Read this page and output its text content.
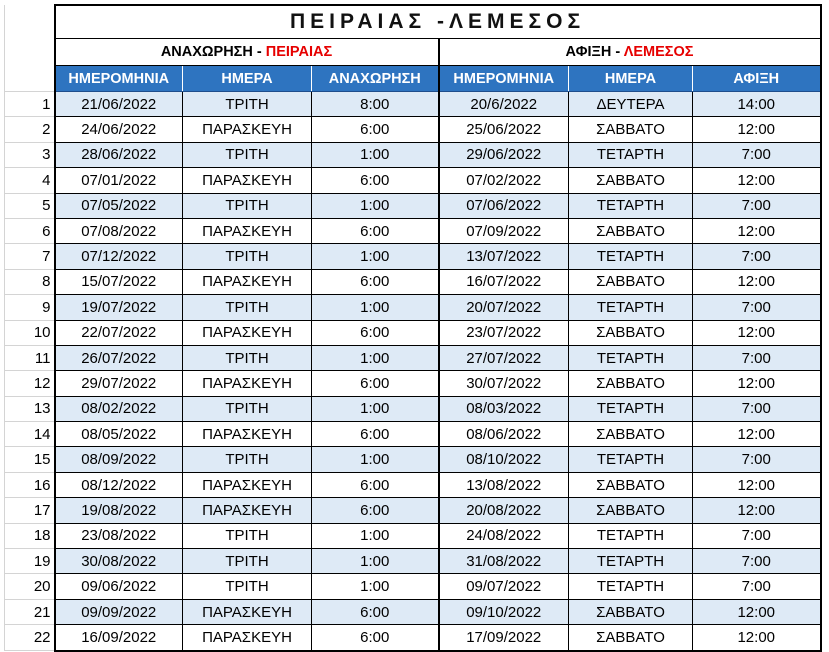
	ΠΕΙΡΑΙΑΣ -ΛΕΜΕΣΟΣ					
	ΑΝΑΧΩΡΗΣΗ - ΠΕΙΡΑΙΑΣ			ΑΦΙΞΗ - ΛΕΜΕΣΟΣ		
	ΗΜΕΡΟΜΗΝΙΑ	ΗΜΕΡΑ	ΑΝΑΧΩΡΗΣΗ	ΗΜΕΡΟΜΗΝΙΑ	ΗΜΕΡΑ	ΑΦΙΞΗ
1	21/06/2022	ΤΡΙΤΗ	8:00	20/6/2022	ΔΕΥΤΕΡΑ	14:00
2	24/06/2022	ΠΑΡΑΣΚΕΥΗ	6:00	25/06/2022	ΣΑΒΒΑΤΟ	12:00
3	28/06/2022	ΤΡΙΤΗ	1:00	29/06/2022	ΤΕΤΑΡΤΗ	7:00
4	07/01/2022	ΠΑΡΑΣΚΕΥΗ	6:00	07/02/2022	ΣΑΒΒΑΤΟ	12:00
5	07/05/2022	ΤΡΙΤΗ	1:00	07/06/2022	ΤΕΤΑΡΤΗ	7:00
6	07/08/2022	ΠΑΡΑΣΚΕΥΗ	6:00	07/09/2022	ΣΑΒΒΑΤΟ	12:00
7	07/12/2022	ΤΡΙΤΗ	1:00	13/07/2022	ΤΕΤΑΡΤΗ	7:00
8	15/07/2022	ΠΑΡΑΣΚΕΥΗ	6:00	16/07/2022	ΣΑΒΒΑΤΟ	12:00
9	19/07/2022	ΤΡΙΤΗ	1:00	20/07/2022	ΤΕΤΑΡΤΗ	7:00
10	22/07/2022	ΠΑΡΑΣΚΕΥΗ	6:00	23/07/2022	ΣΑΒΒΑΤΟ	12:00
11	26/07/2022	ΤΡΙΤΗ	1:00	27/07/2022	ΤΕΤΑΡΤΗ	7:00
12	29/07/2022	ΠΑΡΑΣΚΕΥΗ	6:00	30/07/2022	ΣΑΒΒΑΤΟ	12:00
13	08/02/2022	ΤΡΙΤΗ	1:00	08/03/2022	ΤΕΤΑΡΤΗ	7:00
14	08/05/2022	ΠΑΡΑΣΚΕΥΗ	6:00	08/06/2022	ΣΑΒΒΑΤΟ	12:00
15	08/09/2022	ΤΡΙΤΗ	1:00	08/10/2022	ΤΕΤΑΡΤΗ	7:00
16	08/12/2022	ΠΑΡΑΣΚΕΥΗ	6:00	13/08/2022	ΣΑΒΒΑΤΟ	12:00
17	19/08/2022	ΠΑΡΑΣΚΕΥΗ	6:00	20/08/2022	ΣΑΒΒΑΤΟ	12:00
18	23/08/2022	ΤΡΙΤΗ	1:00	24/08/2022	ΤΕΤΑΡΤΗ	7:00
19	30/08/2022	ΤΡΙΤΗ	1:00	31/08/2022	ΤΕΤΑΡΤΗ	7:00
20	09/06/2022	ΤΡΙΤΗ	1:00	09/07/2022	ΤΕΤΑΡΤΗ	7:00
21	09/09/2022	ΠΑΡΑΣΚΕΥΗ	6:00	09/10/2022	ΣΑΒΒΑΤΟ	12:00
22	16/09/2022	ΠΑΡΑΣΚΕΥΗ	6:00	17/09/2022	ΣΑΒΒΑΤΟ	12:00
